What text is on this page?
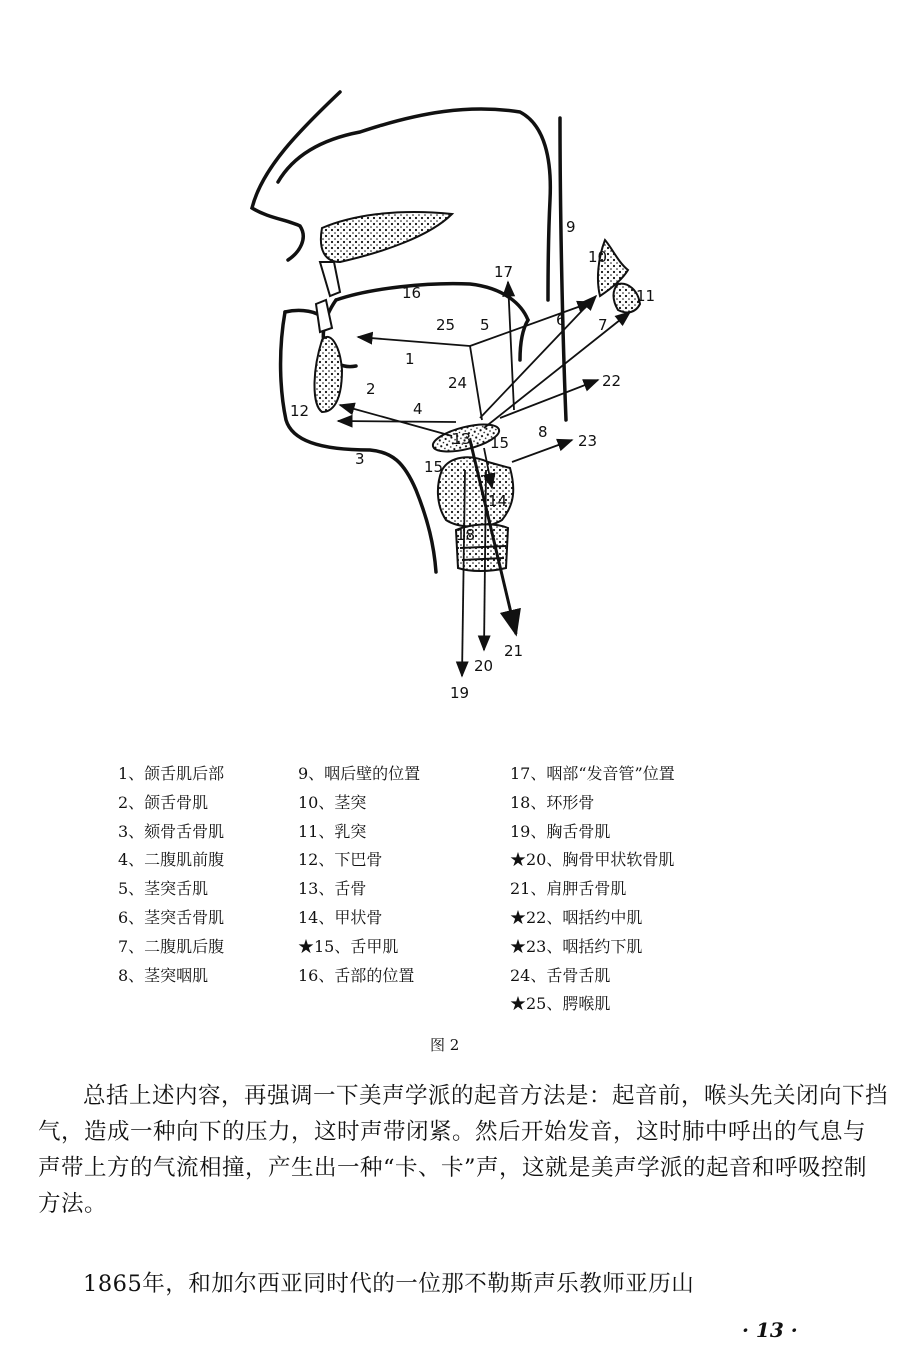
1
2
3
4
5	6 7
8
9
10
11
12
13
14
15
15
16
17
18
19
20
21
22
23
24
25
1、颌舌肌后部
2、颌舌骨肌
3、颏骨舌骨肌
4、二腹肌前腹
5、茎突舌肌
6、茎突舌骨肌
7、二腹肌后腹
8、茎突咽肌
9、咽后壁的位置
10、茎突
11、乳突
12、下巴骨
13、舌骨
14、甲状骨
★15、舌甲肌
16、舌部的位置
17、咽部“发音管”位置
18、环形骨
19、胸舌骨肌
★20、胸骨甲状软骨肌
21、肩胛舌骨肌
★22、咽括约中肌
★23、咽括约下肌
24、舌骨舌肌
★25、腭喉肌
图 2
总括上述内容，再强调一下美声学派的起音方法是：起音前，喉头先关闭向下挡气，造成一种向下的压力，这时声带闭紧。然后开始发音，这时肺中呼出的气息与声带上方的气流相撞，产生出一种“卡、卡”声，这就是美声学派的起音和呼吸控制方法。
1865年，和加尔西亚同时代的一位那不勒斯声乐教师亚历山
· 13 ·
